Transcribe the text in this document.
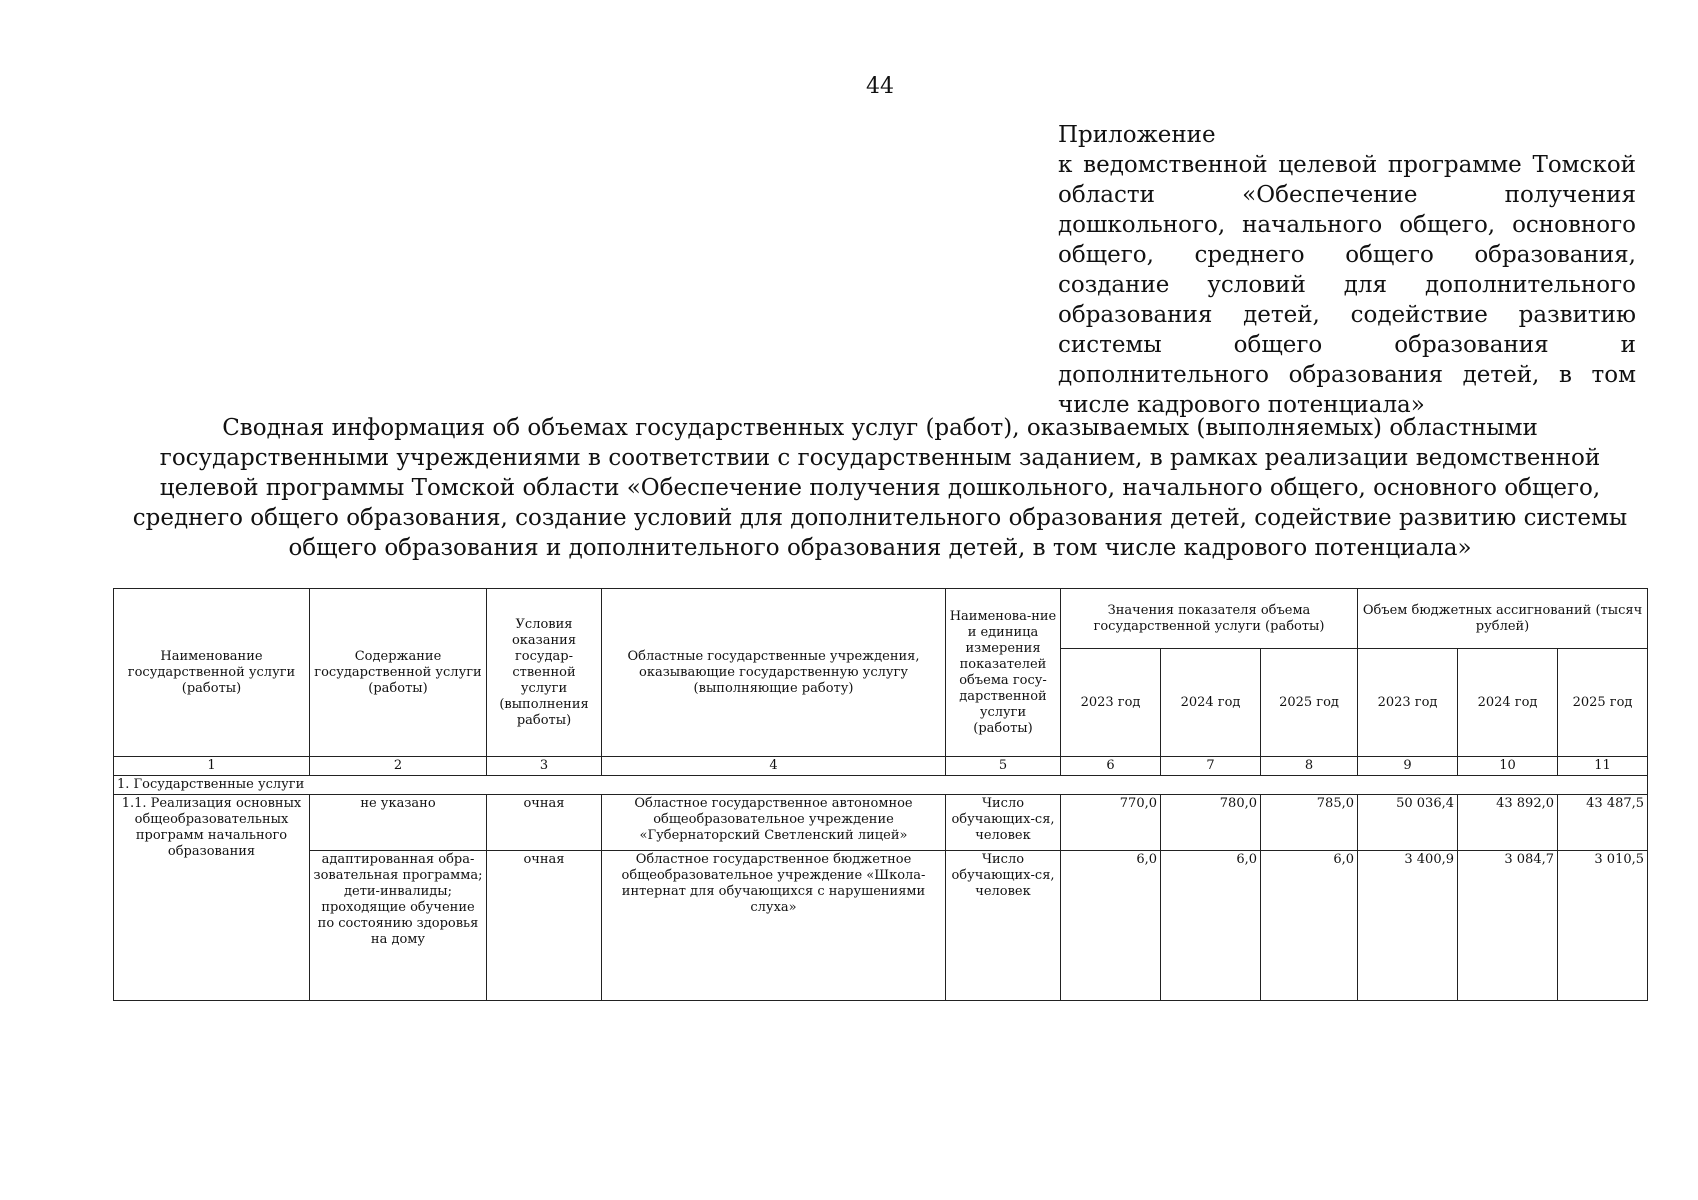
44
Приложение
к ведомственной целевой программе Томской области «Обеспечение получения дошкольного, начального общего, основного общего, среднего общего образования, создание условий для дополнительного образования детей, содействие развитию системы общего образования и дополнительного образования детей, в том числе кадрового потенциала»
Сводная информация об объемах государственных услуг (работ), оказываемых (выполняемых) областными государственными учреждениями в соответствии с государственным заданием, в рамках реализации ведомственной целевой программы Томской области «Обеспечение получения дошкольного, начального общего, основного общего, среднего общего образования, создание условий для дополнительного образования детей, содействие развитию системы общего образования и дополнительного образования детей, в том числе кадрового потенциала»
Наименование государственной услуги (работы)	Содержание государственной услуги (работы)	Условия оказания государ-ственной услуги (выполнения работы)	Областные государственные учреждения, оказывающие государственную услугу (выполняющие работу)	Наименова-ние и единица измерения показателей объема госу-дарственной услуги (работы)	Значения показателя объема государственной услуги (работы)			Объем бюджетных ассигнований (тысяч рублей)		
					2023 год	2024 год	2025 год	2023 год	2024 год	2025 год
1	2	3	4	5	6	7	8	9	10	11
1. Государственные услуги										
1.1. Реализация основных общеобразовательных программ начального образования	не указано	очная	Областное государственное автономное общеобразовательное учреждение «Губернаторский Светленский лицей»	Число обучающих-ся, человек	770,0	780,0	785,0	50 036,4	43 892,0	43 487,5
	адаптированная обра-зовательная программа; дети-инвалиды; проходящие обучение по состоянию здоровья на дому	очная	Областное государственное бюджетное общеобразовательное учреждение «Школа-интернат для обучающихся с нарушениями слуха»	Число обучающих-ся, человек	6,0	6,0	6,0	3 400,9	3 084,7	3 010,5
